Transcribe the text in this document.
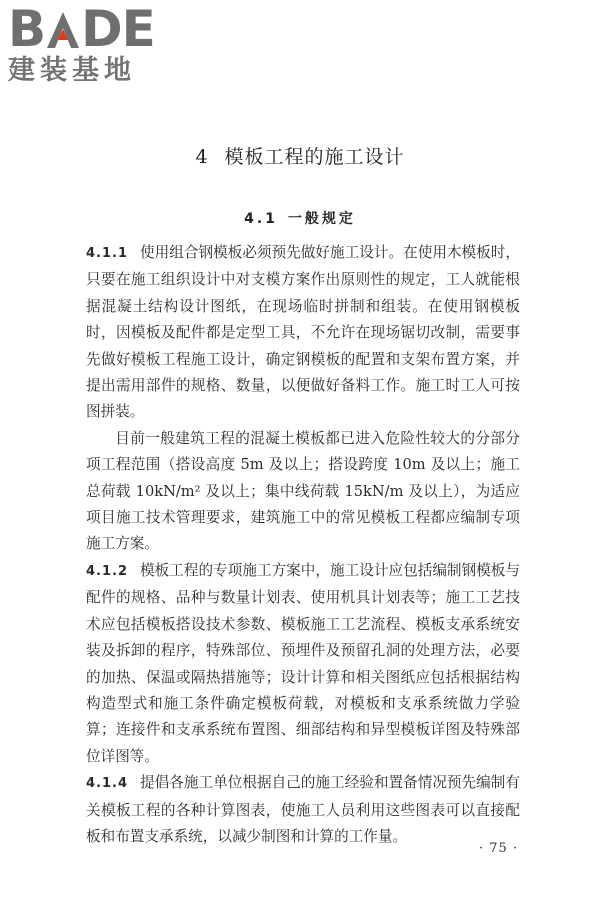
B DE
建装基地
4 模板工程的施工设计
4.1 一般规定

4.1.1 使用组合钢模板必须预先做好施工设计。在使用木模板时，只要在施工组织设计中对支模方案作出原则性的规定，工人就能根据混凝土结构设计图纸，在现场临时拼制和组装。在使用钢模板时，因模板及配件都是定型工具，不允许在现场锯切改制，需要事先做好模板工程施工设计，确定钢模板的配置和支架布置方案，并提出需用部件的规格、数量，以便做好备料工作。施工时工人可按图拼装。

目前一般建筑工程的混凝土模板都已进入危险性较大的分部分项工程范围（搭设高度 5m 及以上；搭设跨度 10m 及以上；施工总荷载 10kN/m² 及以上；集中线荷载 15kN/m 及以上），为适应项目施工技术管理要求，建筑施工中的常见模板工程都应编制专项施工方案。

4.1.2 模板工程的专项施工方案中，施工设计应包括编制钢模板与配件的规格、品种与数量计划表、使用机具计划表等；施工工艺技术应包括模板搭设技术参数、模板施工工艺流程、模板支承系统安装及拆卸的程序，特殊部位、预埋件及预留孔洞的处理方法，必要的加热、保温或隔热措施等；设计计算和相关图纸应包括根据结构构造型式和施工条件确定模板荷载，对模板和支承系统做力学验算；连接件和支承系统布置图、细部结构和异型模板详图及特殊部位详图等。

4.1.4 提倡各施工单位根据自己的施工经验和置备情况预先编制有关模板工程的各种计算图表，使施工人员利用这些图表可以直接配板和布置支承系统，以减少制图和计算的工作量。

· 75 ·
